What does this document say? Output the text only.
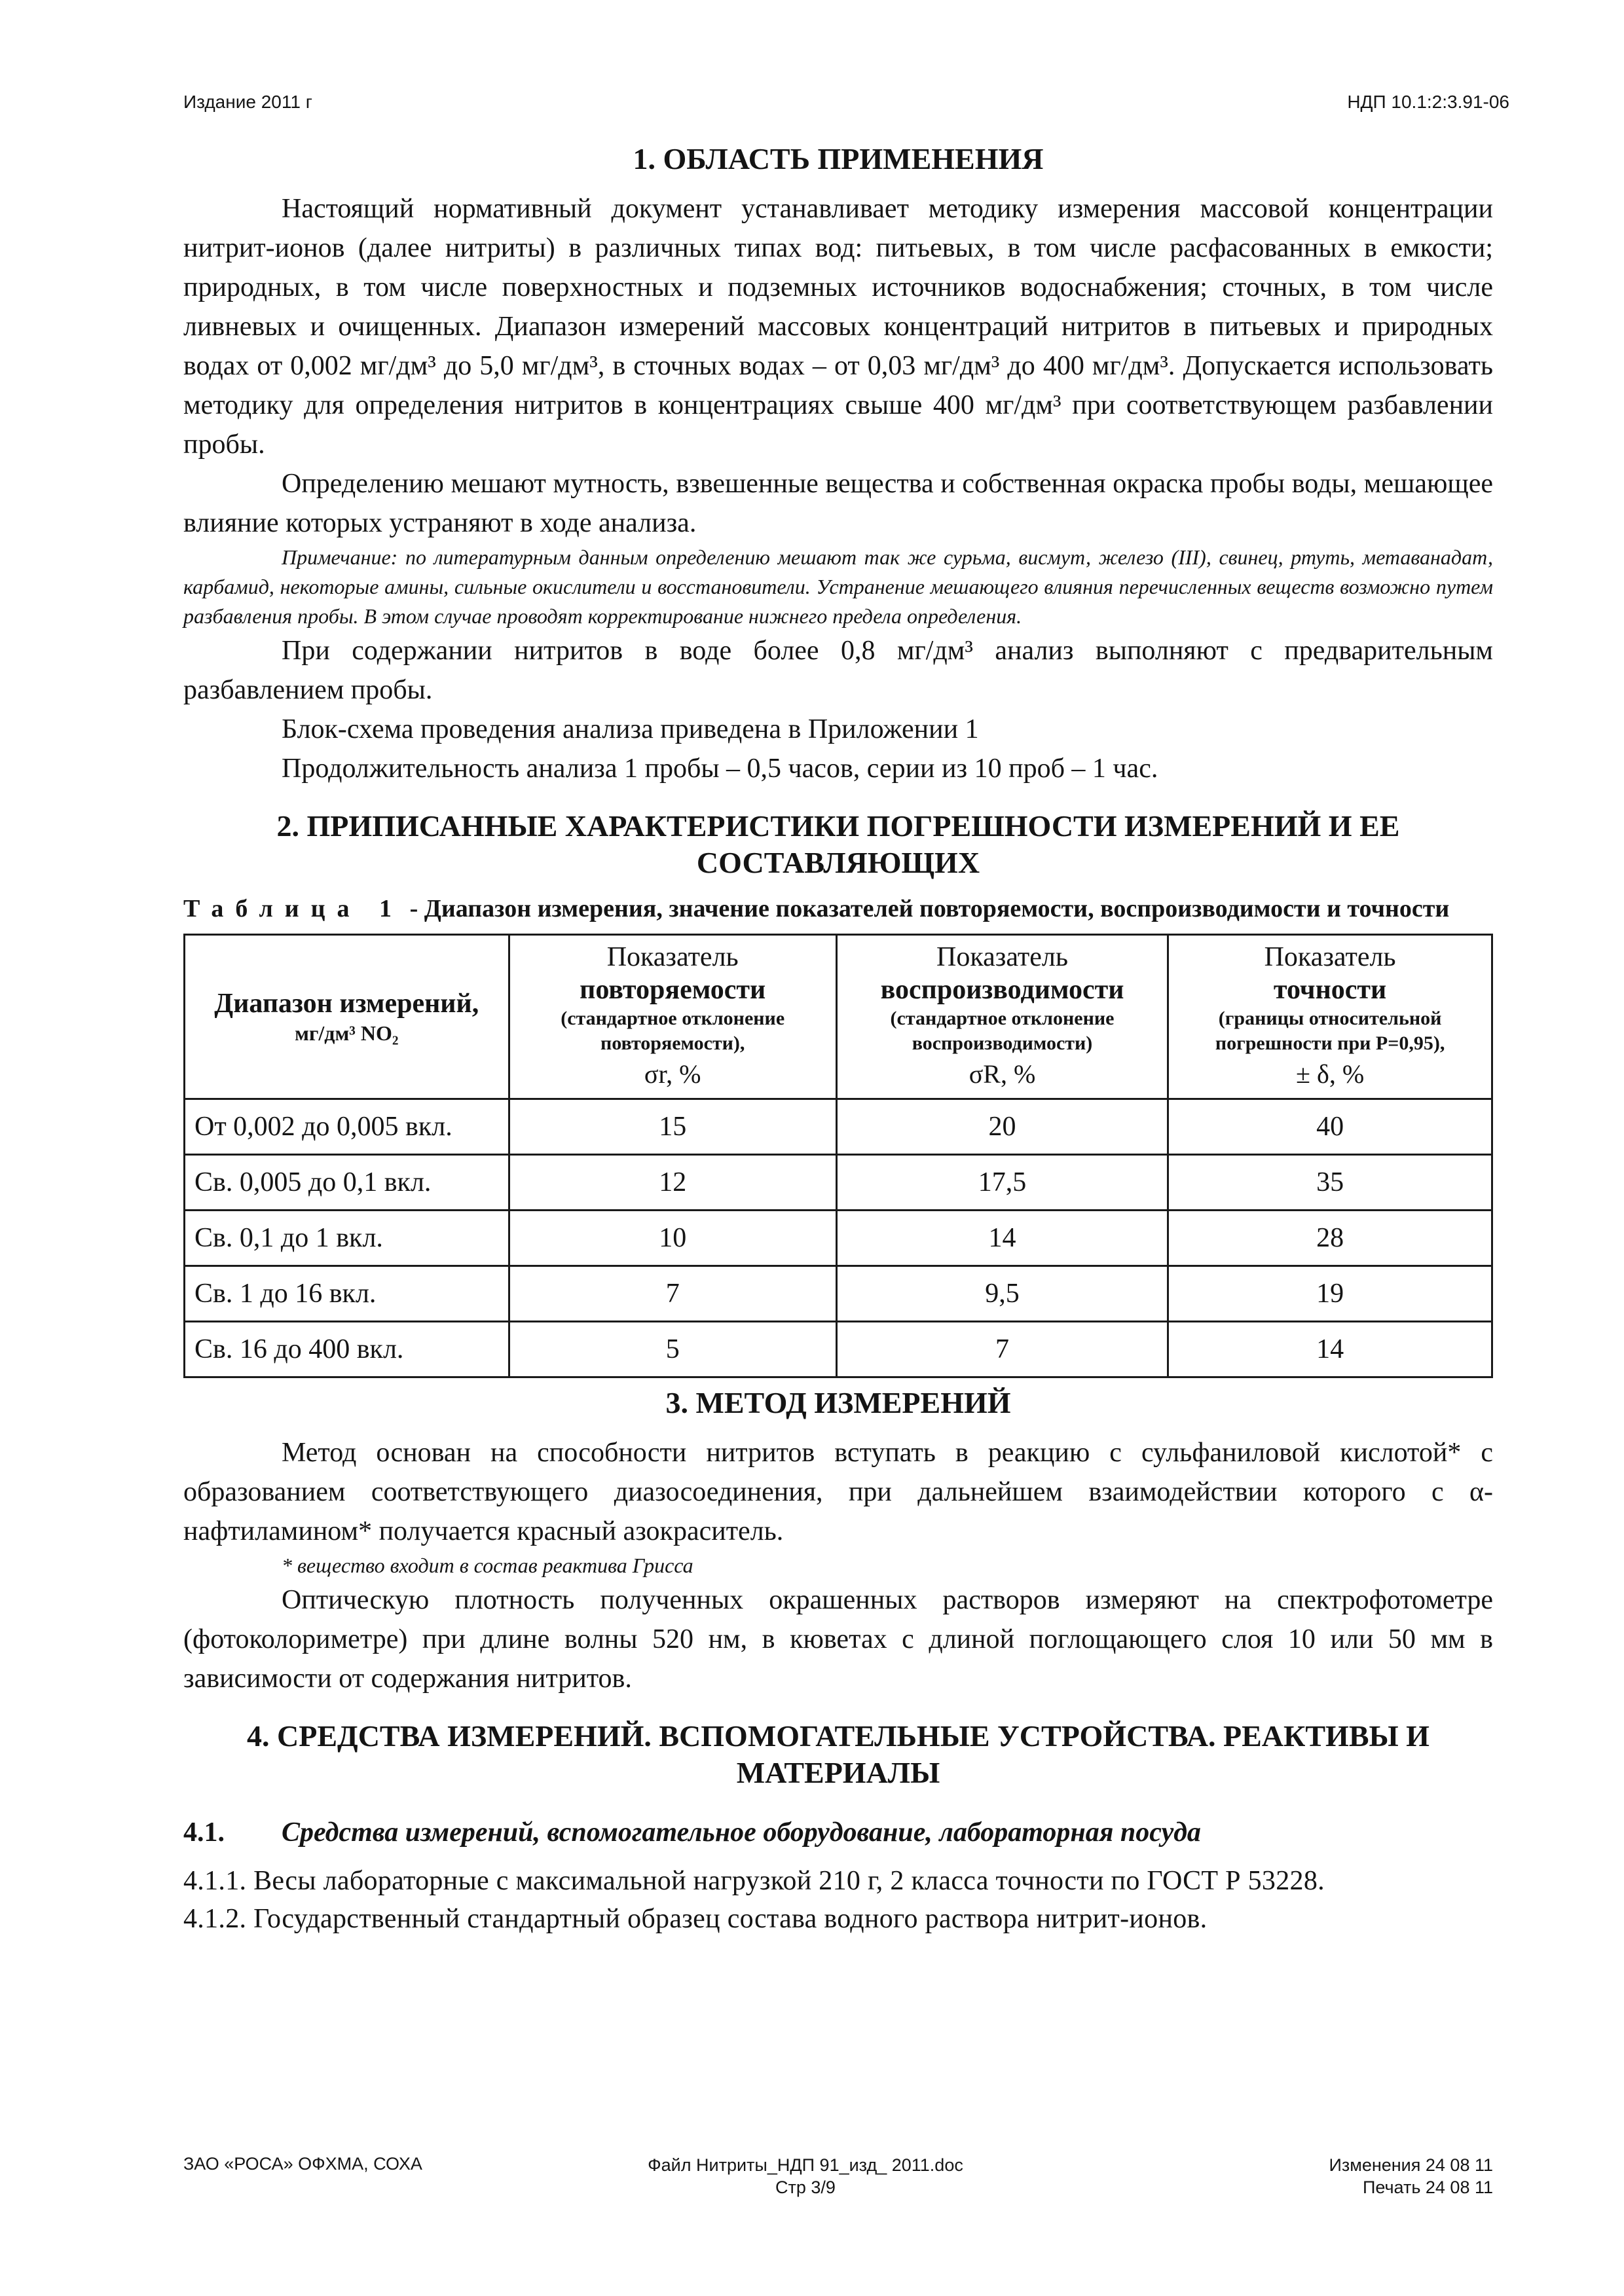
Издание 2011 г	НДП 10.1:2:3.91-06
1. ОБЛАСТЬ ПРИМЕНЕНИЯ

Настоящий нормативный документ устанавливает методику измерения массовой концентрации нитрит-ионов (далее нитриты) в различных типах вод: питьевых, в том числе расфасованных в емкости; природных, в том числе поверхностных и подземных источников водоснабжения; сточных, в том числе ливневых и очищенных. Диапазон измерений массовых концентраций нитритов в питьевых и природных водах от 0,002 мг/дм³ до 5,0 мг/дм³, в сточных водах – от 0,03 мг/дм³ до 400 мг/дм³. Допускается использовать методику для определения нитритов в концентрациях свыше 400 мг/дм³ при соответствующем разбавлении пробы.

Определению мешают мутность, взвешенные вещества и собственная окраска пробы воды, мешающее влияние которых устраняют в ходе анализа.

Примечание: по литературным данным определению мешают так же сурьма, висмут, железо (III), свинец, ртуть, метаванадат, карбамид, некоторые амины, сильные окислители и восстановители. Устранение мешающего влияния перечисленных веществ возможно путем разбавления пробы. В этом случае проводят корректирование нижнего предела определения.

При содержании нитритов в воде более 0,8 мг/дм³ анализ выполняют с предварительным разбавлением пробы.

Блок-схема проведения анализа приведена в Приложении 1

Продолжительность анализа 1 пробы – 0,5 часов, серии из 10 проб – 1 час.

2. ПРИПИСАННЫЕ ХАРАКТЕРИСТИКИ ПОГРЕШНОСТИ ИЗМЕРЕНИЙ И ЕЕ СОСТАВЛЯЮЩИХ

Таблица 1 - Диапазон измерения, значение показателей повторяемости, воспроизводимости и точности

Диапазон измерений,
мг/дм³ NO₂	Показатель
повторяемости
(стандартное отклонение повторяемости),
σr, %	Показатель
воспроизводимости
(стандартное отклонение воспроизводимости)
σR, %	Показатель
точности
(границы относительной погрешности при P=0,95),
± δ, %

От 0,002 до 0,005 вкл.	15	20	40
Св. 0,005 до 0,1 вкл.	12	17,5	35
Св. 0,1 до 1 вкл.	10	14	28
Св. 1 до 16 вкл.	7	9,5	19
Св. 16 до 400 вкл.	5	7	14
3. МЕТОД ИЗМЕРЕНИЙ

Метод основан на способности нитритов вступать в реакцию с сульфаниловой кислотой* с образованием соответствующего диазосоединения, при дальнейшем взаимодействии которого с α-нафтиламином* получается красный азокраситель.

* вещество входит в состав реактива Грисса

Оптическую плотность полученных окрашенных растворов измеряют на спектрофотометре (фотоколориметре) при длине волны 520 нм, в кюветах с длиной поглощающего слоя 10 или 50 мм в зависимости от содержания нитритов.

4. СРЕДСТВА ИЗМЕРЕНИЙ. ВСПОМОГАТЕЛЬНЫЕ УСТРОЙСТВА. РЕАКТИВЫ И МАТЕРИАЛЫ

4.1. Средства измерений, вспомогательное оборудование, лабораторная посуда

4.1.1. Весы лабораторные с максимальной нагрузкой 210 г, 2 класса точности по ГОСТ Р 53228.

4.1.2. Государственный стандартный образец состава водного раствора нитрит-ионов.

ЗАО «РОСА» ОФХМА, СОХА	Файл Нитриты_НДП 91_изд_ 2011.doc
Стр 3/9
Изменения 24 08 11
Печать 24 08 11
